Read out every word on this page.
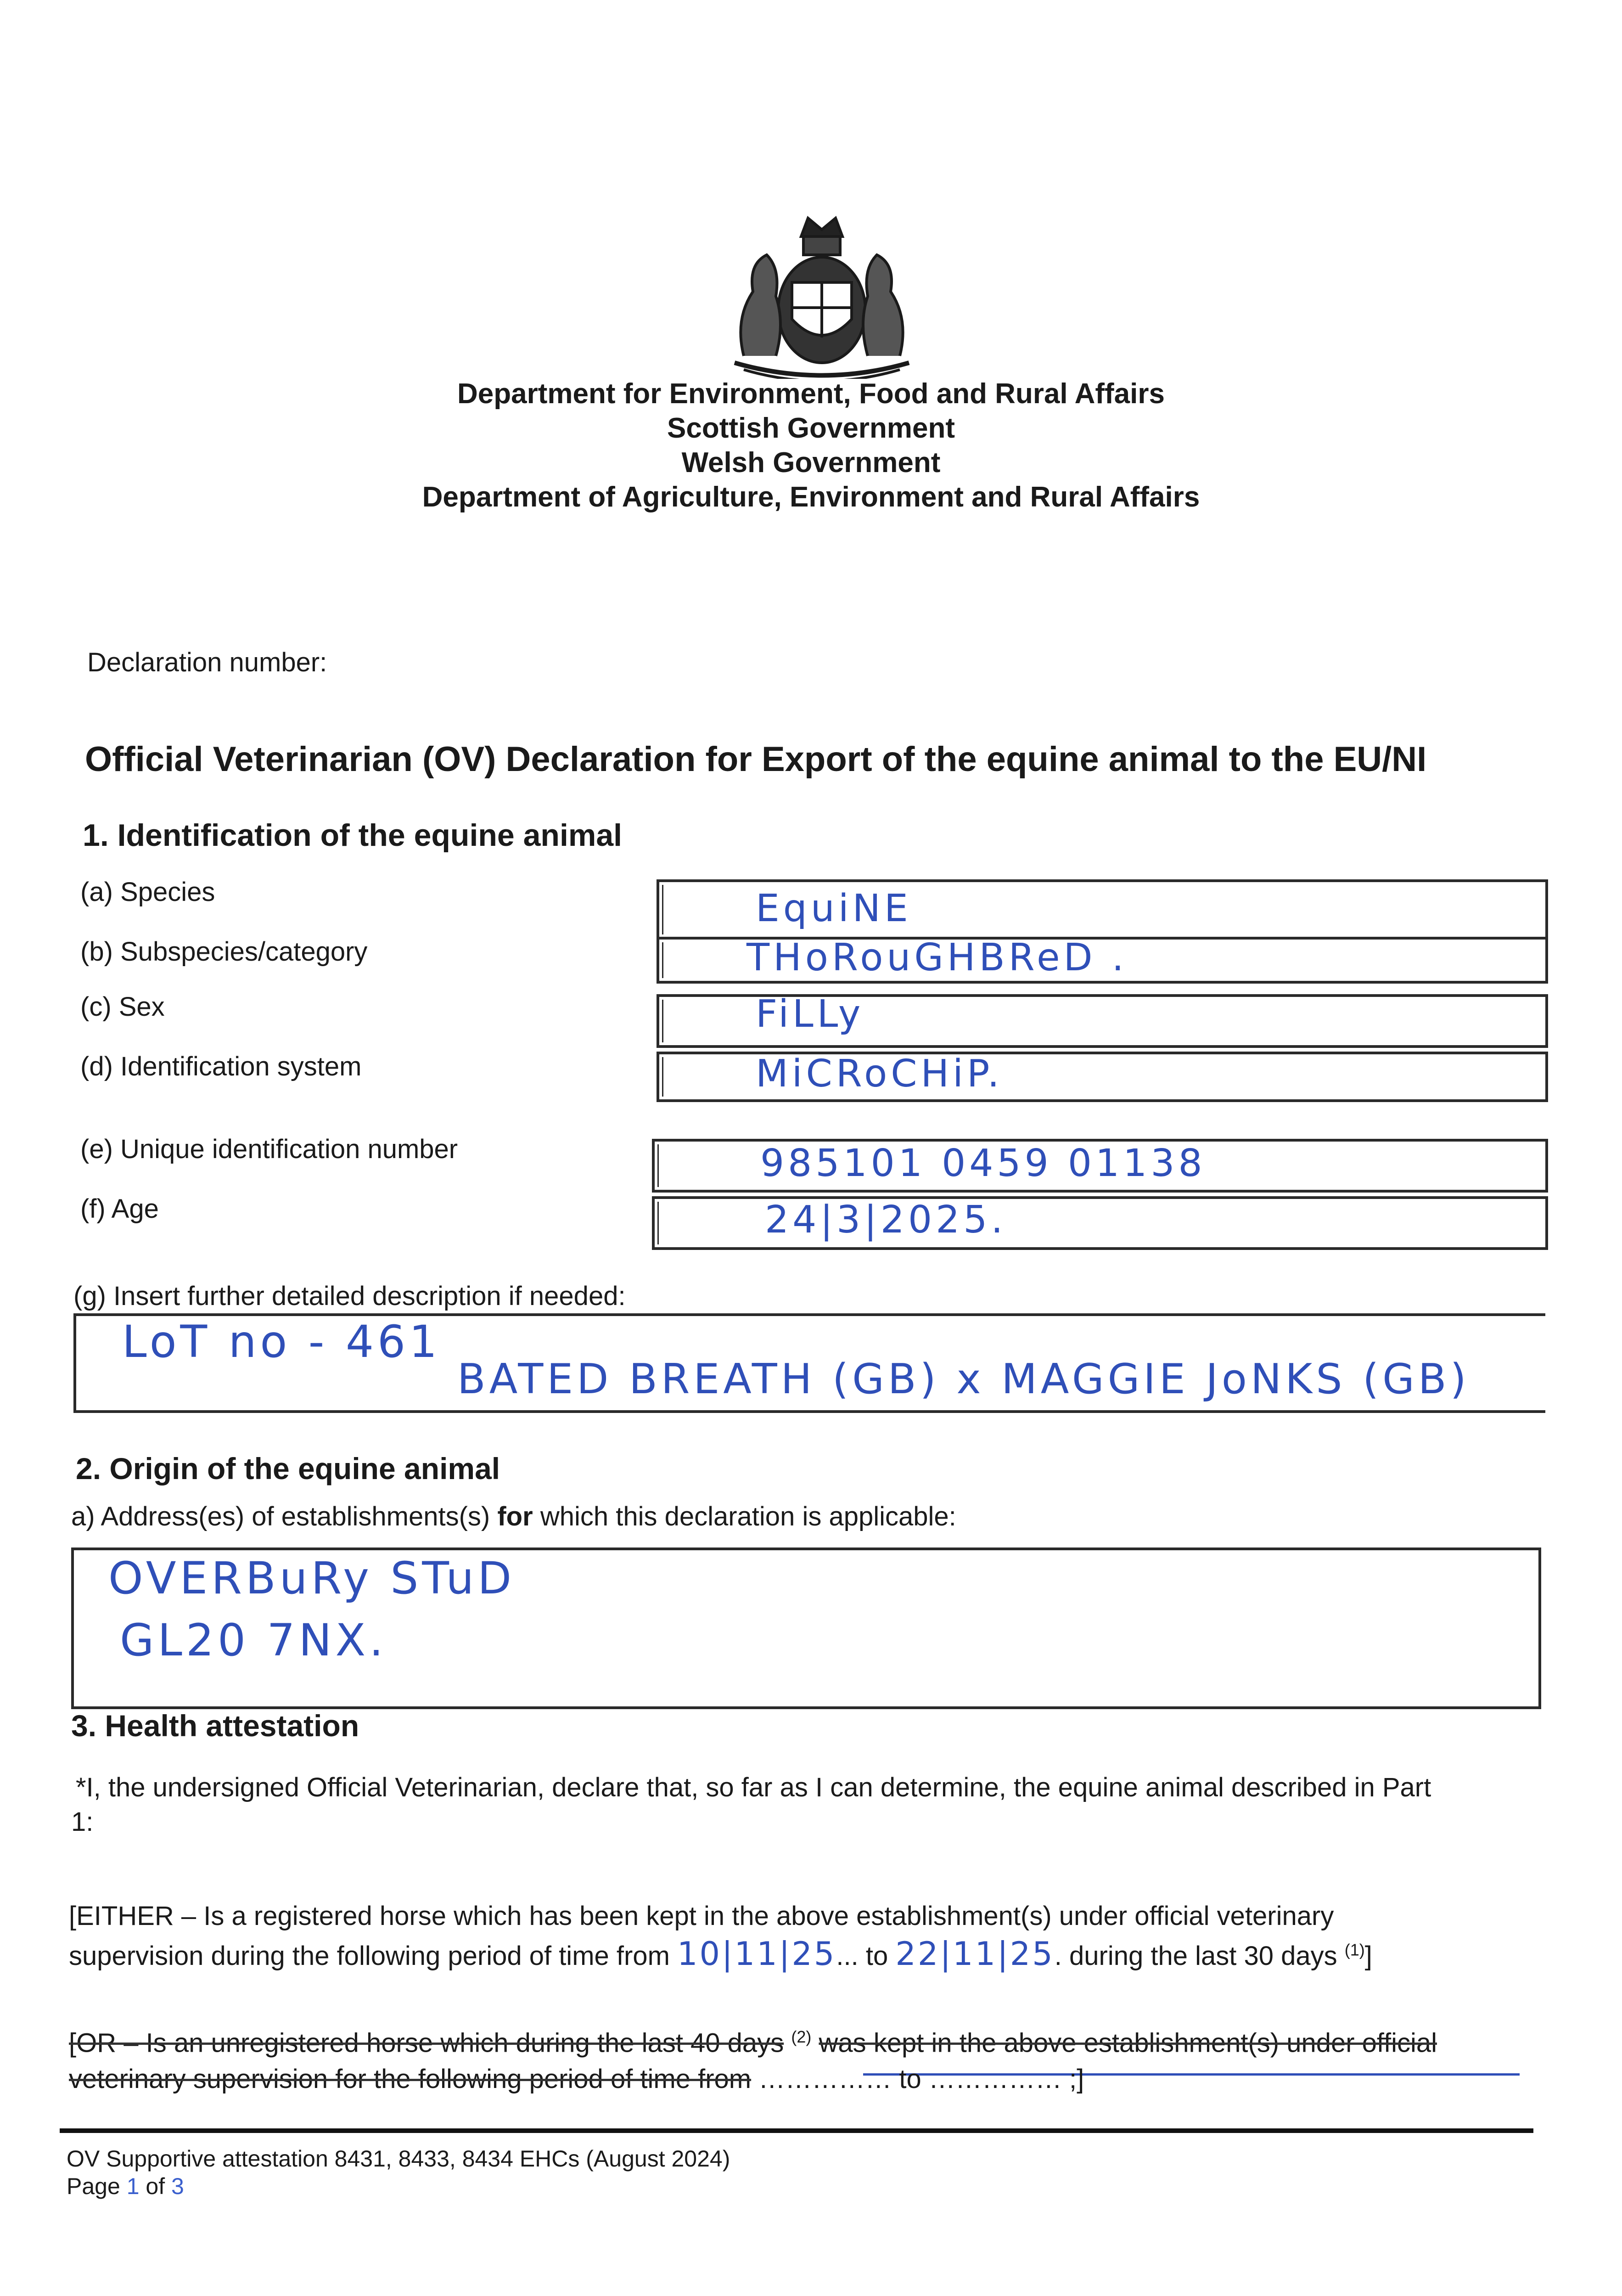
Department for Environment, Food and Rural Affairs
Scottish Government
Welsh Government
Department of Agriculture, Environment and Rural Affairs
Declaration number:
Official Veterinarian (OV) Declaration for Export of the equine animal to the EU/NI
1. Identification of the equine animal
(a) Species	EquiNE
(b) Subspecies/category	THoRouGHBReD .
(c) Sex	FiLLy
(d) Identification system	MiCRoCHiP.
(e) Unique identification number	985101 0459 01138
(f) Age	24|3|2025.
(g) Insert further detailed description if needed:
LoT no - 461
BATED BREATH (GB) x MAGGIE JoNKS (GB)
2. Origin of the equine animal
a) Address(es) of establishments(s) for which this declaration is applicable:
OVERBuRy STuD
GL20 7NX.
3. Health attestation
*I, the undersigned Official Veterinarian, declare that, so far as I can determine, the equine animal described in Part
1:
[EITHER – Is a registered horse which has been kept in the above establishment(s) under official veterinary
supervision during the following period of time from 10|11|25... to 22|11|25. during the last 30 days $^{(1)}$]
[OR – Is an unregistered horse which during the last 40 days $^{(2)}$ was kept in the above establishment(s) under official
veterinary supervision for the following period of time from …………… to …………… ;]
OV Supportive attestation 8431, 8433, 8434 EHCs (August 2024)
Page 1 of 3
